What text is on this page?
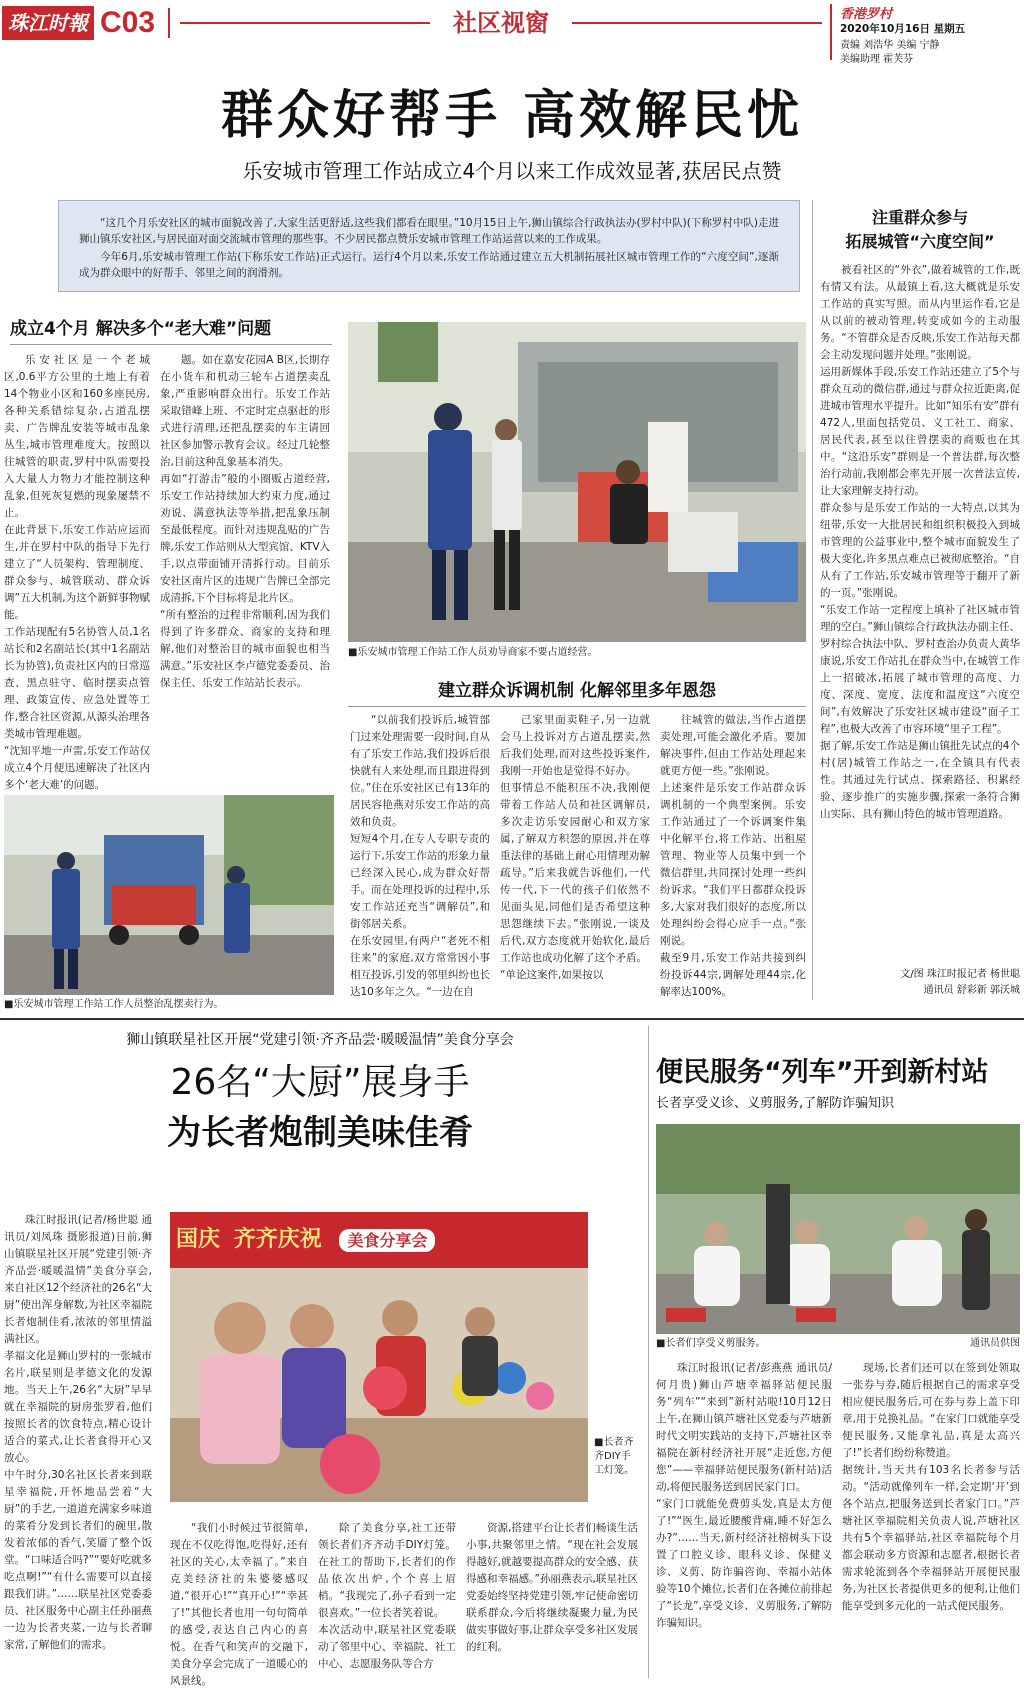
珠江时報 C03	社区视窗	香港罗村
2020年10月16日 星期五
责编 刘浩华 美编 宁静
美编助理 霍芙芬
群众好帮手 高效解民忧
乐安城市管理工作站成立4个月以来工作成效显著,获居民点赞
“这几个月乐安社区的城市面貌改善了,大家生活更舒适,这些我们都看在眼里。”10月15日上午,狮山镇综合行政执法办(罗村中队)(下称罗村中队)走进狮山镇乐安社区,与居民面对面交流城市管理的那些事。不少居民都点赞乐安城市管理工作站运营以来的工作成果。
今年6月,乐安城市管理工作站(下称乐安工作站)正式运行。运行4个月以来,乐安工作站通过建立五大机制拓展社区城市管理工作的“六度空间”,逐渐成为群众眼中的好帮手、邻里之间的润滑剂。
成立4个月 解决多个“老大难”问题
乐安社区是一个老城区,0.6平方公里的土地上有着14个物业小区和160多座民房,各种关系错综复杂,占道乱摆卖、广告牌乱安装等城市乱象丛生,城市管理难度大。按照以往城管的职责,罗村中队需要投入大量人力物力才能控制这种乱象,但死灰复燃的现象屡禁不止。
在此背景下,乐安工作站应运而生,并在罗村中队的指导下先行建立了“人员架构、管理制度、群众参与、城管联动、群众诉调”五大机制,为这个新鲜事物赋能。
工作站现配有5名协管人员,1名站长和2名副站长(其中1名副站长为协管),负责社区内的日常巡查、黑点驻守、临时摆卖点管理、政策宣传、应急处置等工作,整合社区资源,从源头治理各类城市管理难题。
“沈知平地一声雷,乐安工作站仅成立4个月便迅速解决了社区内多个‘老大难’的问题。
题。如在嘉安花园A B区,长期存在小货车和机动三轮车占道摆卖乱象,严重影响群众出行。乐安工作站采取错峰上班、不定时定点驱赶的形式进行清理,还把乱摆卖的车主请回社区参加警示教育会议。经过几轮整治,目前这种乱象基本消失。
再如“打游击”般的小圈贩占道经营,乐安工作站持续加大约束力度,通过劝说、满意执法等举措,把乱象压制至最低程度。而针对违规乱贴的广告牌,乐安工作站则从大型宾馆、KTV入手,以点带面铺开清拆行动。目前乐安社区南片区的违规广告牌已全部完成清拆,下个目标将是北片区。
“所有整治的过程非常顺利,因为我们得到了许多群众、商家的支持和理解,他们对整治目的城市面貌也相当满意。”乐安社区李卢德党委委员、治保主任、乐安工作站站长表示。
■乐安城市管理工作站工作人员劝导商家不要占道经营。
建立群众诉调机制 化解邻里多年恩怨
■乐安城市管理工作站工作人员整治乱摆卖行为。
“以前我们投诉后,城管部门过来处理需要一段时间,自从有了乐安工作站,我们投诉后很快就有人来处理,而且跟进得到位。”住在乐安社区已有13年的居民容艳燕对乐安工作站的高效和负责。
短短4个月,在专人专职专责的运行下,乐安工作站的形象力量已经深入民心,成为群众好帮手。而在处理投诉的过程中,乐安工作站还充当“调解员”,和街邻居关系。
在乐安园里,有两户“老死不相往来”的家庭,双方常常因小事相互投诉,引发的邻里纠纷也长达10多年之久。“一边在自
己家里面卖鞋子,另一边就会马上投诉对方占道乱摆卖,然后我们处理,而对这些投诉案件,我刚一开始也是觉得不好办。
但事情总不能积压不决,我刚便带着工作站人员和社区调解员,多次走访乐安园耐心和双方家属,了解双方积怨的原因,并在尊重法律的基础上耐心用情理劝解疏导。”后来我就告诉他们,一代传一代,下一代的孩子们依然不见面头见,同他们是否希望这种思怨继续下去。”张刚说,一谈及后代,双方态度就开始软化,最后工作站也成功化解了这个矛盾。
“单论这案件,如果按以
往城管的做法,当作占道摆卖处理,可能会激化矛盾。要加解决事件,但由工作站处理起来就更方便一些。”张刚说。
上述案件是乐安工作站群众诉调机制的一个典型案例。乐安工作站通过了一个诉调案件集中化解平台,将工作站、出租屋管理、物业等人员集中到一个微信群里,共同探讨处理一些纠纷诉求。“我们平日都群众投诉多,大家对我们很好的态度,所以处理纠纷会得心应手一点。”张刚说。
截至9月,乐安工作站共接到纠纷投诉44宗,调解处理44宗,化解率达100%。
注重群众参与
拓展城管“六度空间”
被看社区的“外衣”,做着城管的工作,既有情又有法。从最镇上看,这大概就是乐安工作站的真实写照。而从内里运作看,它是从以前的被动管理,转变成如今的主动服务。“不管群众是否反映,乐安工作站每天都会主动发现问题并处理。”张刚说。
运用新媒体手段,乐安工作站还建立了5个与群众互动的微信群,通过与群众拉近距离,促进城市管理水平提升。比如“知乐有安”群有472人,里面包括党员、义工社工、商家、居民代表,甚至以往曾摆卖的商贩也在其中。“这沿乐安”群则是一个普法群,每次整治行动前,我刚都会率先开展一次普法宣传,让大家理解支持行动。
群众参与是乐安工作站的一大特点,以其为纽带,乐安一大批居民和组织积极投入到城市管理的公益事业中,整个城市面貌发生了极大变化,许多黑点难点已被彻底整治。“自从有了工作站,乐安城市管理等于翻开了新的一页。”张刚说。
“乐安工作站一定程度上填补了社区城市管理的空白。”狮山镇综合行政执法办副主任、罗村综合执法中队、罗村查治办负责人黄华康说,乐安工作站扎在群众当中,在城管工作上一招破冰,拓展了城市管理的高度、力度、深度、宽度、法度和温度这“六度空间”,有效解决了乐安社区城市建设“面子工程”,也极大改善了市容环境“里子工程”。
据了解,乐安工作站是狮山镇批先试点的4个村(居)城管工作站之一,在全镇具有代表性。其通过先行试点、探索路径、积累经验、逐步推广的实施步骤,探索一条符合狮山实际、具有狮山特色的城市管理道路。
文/图 珠江时报记者 杨世聪
通讯员 舒彩新 郭沃城
狮山镇联星社区开展“党建引领·齐齐品尝·暖暖温情”美食分享会
26名“大厨”展身手
为长者炮制美味佳肴
珠江时报讯(记者/杨世聪 通讯员/刘凤珠 摄影报道)日前,狮山镇联星社区开展“党建引领·齐齐品尝·暖暖温情”美食分享会,来自社区12个经济社的26名“大厨”使出浑身解数,为社区幸福院长者炮制佳肴,浓浓的邻里情溢满社区。
孝福文化是狮山罗村的一张城市名片,联星则是孝德文化的发源地。当天上午,26名“大厨”早早就在幸福院的厨房张罗着,他们按照长者的饮食特点,精心设计适合的菜式,让长者食得开心又放心。
中午时分,30名社区长者来到联星幸福院,开怀地品尝着“大厨”的手艺,一道道充满家乡味道的菜肴分发到长者们的碗里,散发着浓郁的香气,笑靥了整个饭堂。“口味适合吗?”“要好吃就多吃点啊!”“有什么需要可以直接跟我们讲。”……联星社区党委委员、社区服务中心副主任孙丽燕一边为长者夹菜,一边与长者聊家常,了解他们的需求。
国庆 齐齐庆祝 美食分享会
■长者齐齐DIY手工灯笼。
“我们小时候过节很简单,现在不仅吃得饱,吃得好,还有社区的关心,太幸福了。”来自克美经济社的朱婆婆感叹道,“很开心!”“真开心!”“幸甚了!”其他长者也用一句句简单的感受,表达自己内心的喜悦。在香气和笑声的交融下,美食分享会完成了一道暖心的风景线。
除了美食分享,社工还带领长者们齐齐动手DIY灯笼。在社工的帮助下,长者们的作品依次出炉,个个喜上眉梢。“我现完了,孙子看到一定很喜欢。”一位长者笑着说。
本次活动中,联星社区党委联动了邻里中心、幸福院、社工中心、志愿服务队等合方
资源,搭建平台让长者们畅谈生活小事,共聚邻里之情。“现在社会发展得越好,就越要提高群众的安全感、获得感和幸福感。”孙丽燕表示,联星社区党委始终坚持党建引领,牢记使命密切联系群众,今后将继续凝聚力量,为民做实事做好事,让群众享受多社区发展的红利。
便民服务“列车”开到新村站
长者享受义诊、义剪服务,了解防诈骗知识
■长者们享受义剪服务。	通讯员供图
珠江时报讯(记者/彭燕燕 通讯员/何月贵)狮山芦塘幸福驿站便民服务“列车”“来到”新村站啦!10月12日上午,在狮山镇芦塘社区党委与芦塘新时代文明实践站的支持下,芦塘社区幸福院在新村经济社开展“走近您,方便您”——幸福驿站便民服务(新村站)活动,将便民服务送到居民家门口。
“家门口就能免费剪头发,真是太方便了!”“医生,最近腰酸背痛,睡不好怎么办?”……当天,新村经济社榕树头下设置了口腔义诊、眼科义诊、保健义诊、义剪、防诈骗咨询、幸福小站体验等10个摊位,长者们在各摊位前排起了“长龙”,享受义诊、义剪服务,了解防诈骗知识。
现场,长者们还可以在签到处领取一张券与券,随后根据自己的需求享受相应便民服务后,可在券与券上盖下印章,用于兑换礼品。“在家门口就能享受便民服务,又能拿礼品,真是太高兴了!”长者们纷纷称赞道。
据统计,当天共有103名长者参与活动。“活动就像列车一样,会定期‘开’到各个站点,把服务送到长者家门口。”芦塘社区幸福院相关负责人说,芦塘社区共有5个幸福驿站,社区幸福院每个月都会联动多方资源和志愿者,根据长者需求轮流到各个幸福驿站开展便民服务,为社区长者提供更多的便利,让他们能享受到多元化的一站式便民服务。
